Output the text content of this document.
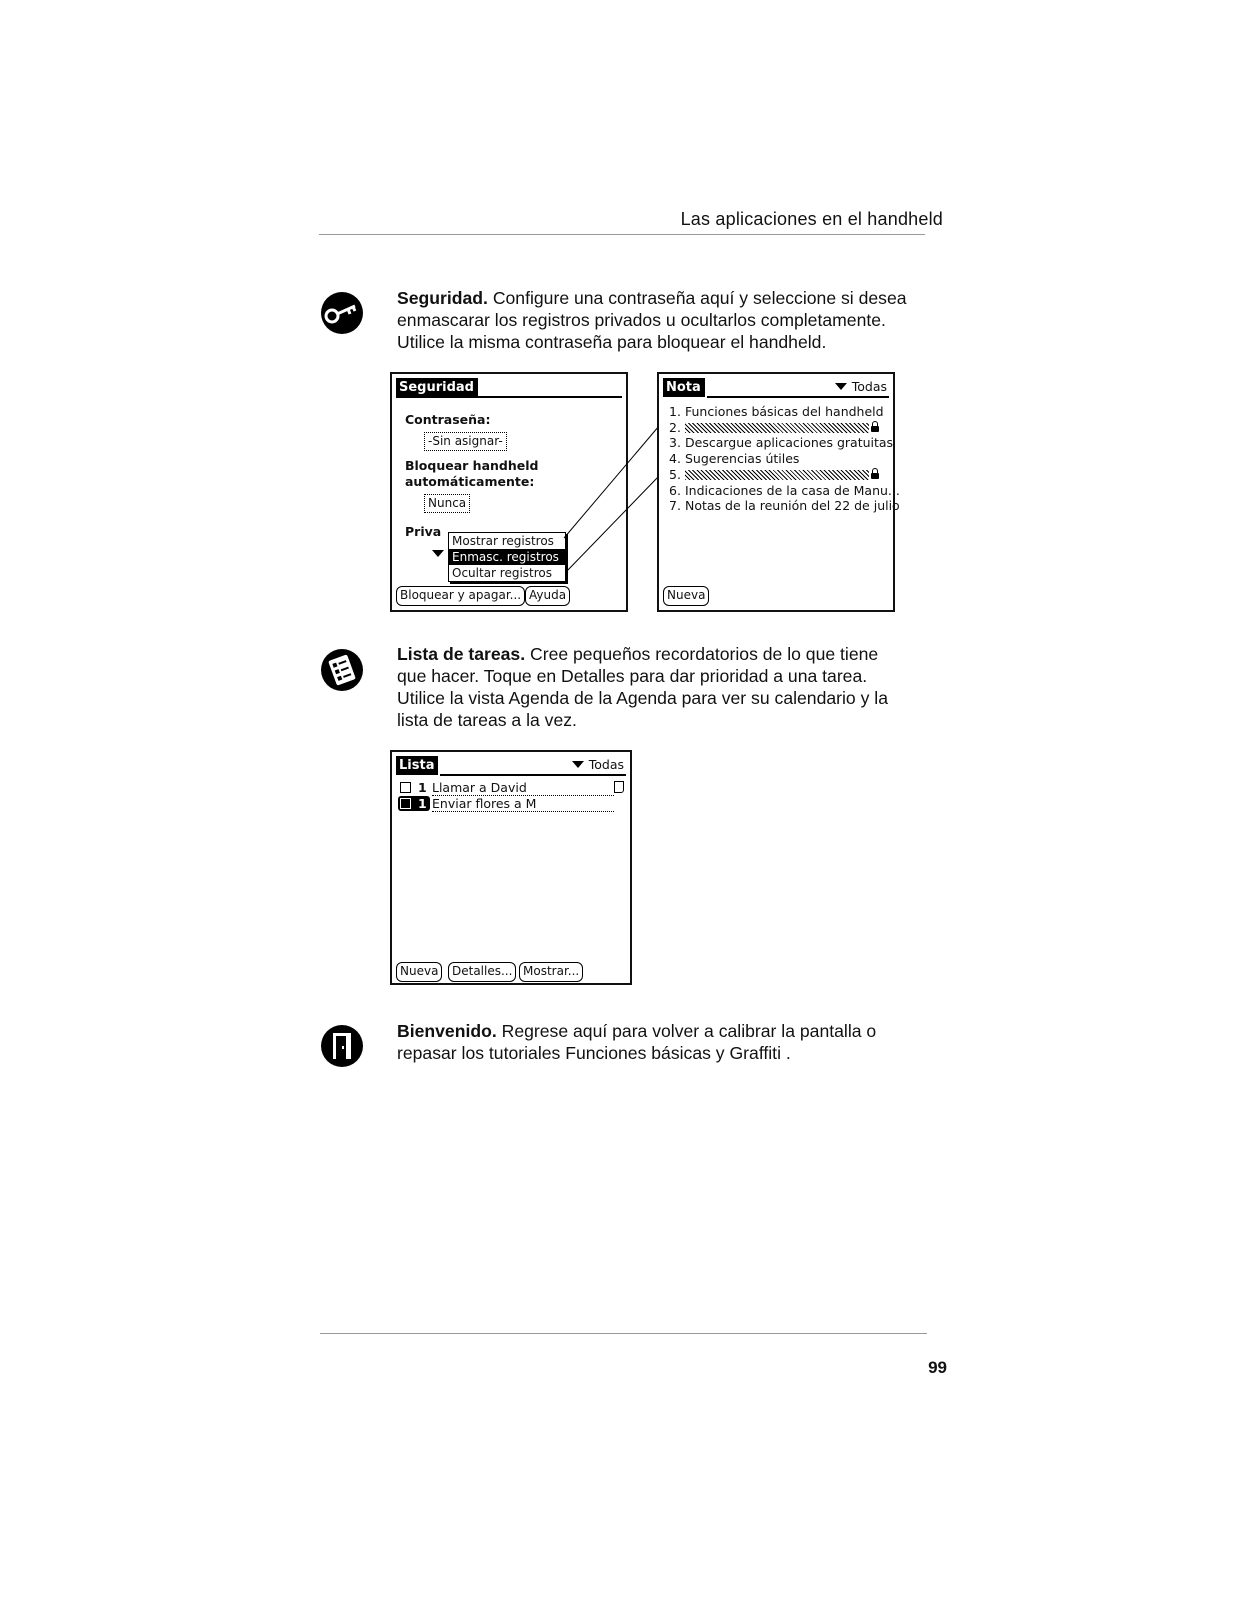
Las aplicaciones en el handheld
Seguridad. Configure una contraseña aquí y seleccione si desea
enmascarar los registros privados u ocultarlos completamente.
Utilice la misma contraseña para bloquear el handheld.
Seguridad
Contraseña:
-Sin asignar-
Bloquear handheld
automáticamente:
Nunca
Priva
Mostrar registros
Enmasc. registros
Ocultar registros
Bloquear y apagar... Ayuda
Nota	Todas
1. Funciones básicas del handheld
2.
3. Descargue aplicaciones gratuitas
4. Sugerencias útiles
5.
6. Indicaciones de la casa de Manu...
7. Notas de la reunión del 22 de julio
Nueva
Lista de tareas. Cree pequeños recordatorios de lo que tiene
que hacer. Toque en Detalles para dar prioridad a una tarea.
Utilice la vista Agenda de la Agenda para ver su calendario y la
lista de tareas a la vez.
Lista	Todas
1 Llamar a David
1 Enviar flores a M
Nueva	Detalles... Mostrar...
Bienvenido. Regrese aquí para volver a calibrar la pantalla o
repasar los tutoriales Funciones básicas y Graffiti .
99
